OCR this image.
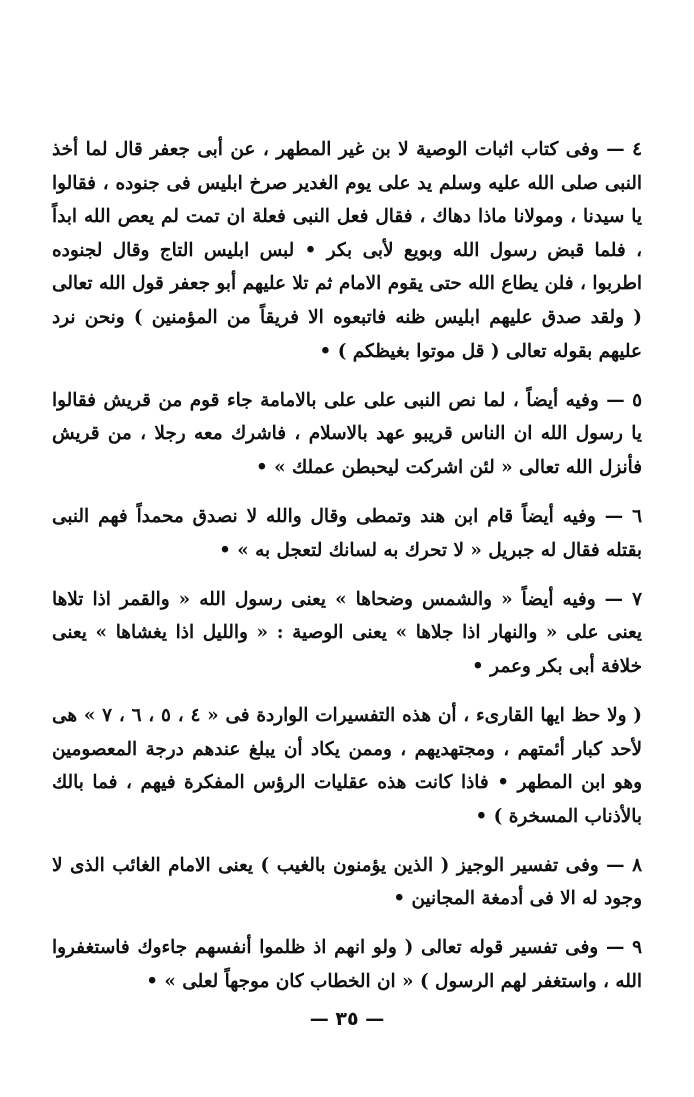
٤ — وفى كتاب اثبات الوصية لا بن غير المطهر ، عن أبى جعفر قال لما أخذ النبى صلى الله عليه وسلم يد على يوم الغدير صرخ ابليس فى جنوده ، فقالوا يا سيدنا ، ومولانا ماذا دهاك ، فقال فعل النبى فعلة ان تمت لم يعص الله ابداً ، فلما قبض رسول الله وبويع لأبى بكر • لبس ابليس التاج وقال لجنوده اطربوا ، فلن يطاع الله حتى يقوم الامام ثم تلا عليهم أبو جعفر قول الله تعالى ( ولقد صدق عليهم ابليس ظنه فاتبعوه الا فريقاً من المؤمنين ) ونحن نرد عليهم بقوله تعالى ( قل موتوا بغيظكم ) •

٥ — وفيه أيضاً ، لما نص النبى على على بالامامة جاء قوم من قريش فقالوا يا رسول الله ان الناس قريبو عهد بالاسلام ، فاشرك معه رجلا ، من قريش فأنزل الله تعالى « لئن اشركت ليحبطن عملك » •

٦ — وفيه أيضاً قام ابن هند وتمطى وقال والله لا نصدق محمداً فهم النبى بقتله فقال له جبريل « لا تحرك به لسانك لتعجل به » •

٧ — وفيه أيضاً « والشمس وضحاها » يعنى رسول الله « والقمر اذا تلاها يعنى على « والنهار اذا جلاها » يعنى الوصية : « والليل اذا يغشاها » يعنى خلافة أبى بكر وعمر •

( ولا حظ ايها القارىء ، أن هذه التفسيرات الواردة فى « ٤ ، ٥ ، ٦ ، ٧ » هى لأحد كبار أئمتهم ، ومجتهديهم ، وممن يكاد أن يبلغ عندهم درجة المعصومين وهو ابن المطهر • فاذا كانت هذه عقليات الرؤس المفكرة فيهم ، فما بالك بالأذناب المسخرة ) •

٨ — وفى تفسير الوجيز ( الذين يؤمنون بالغيب ) يعنى الامام الغائب الذى لا وجود له الا فى أدمغة المجانين •

٩ — وفى تفسير قوله تعالى ( ولو انهم اذ ظلموا أنفسهم جاءوك فاستغفروا الله ، واستغفر لهم الرسول ) « ان الخطاب كان موجهاً لعلى » •

— ٣٥ —
